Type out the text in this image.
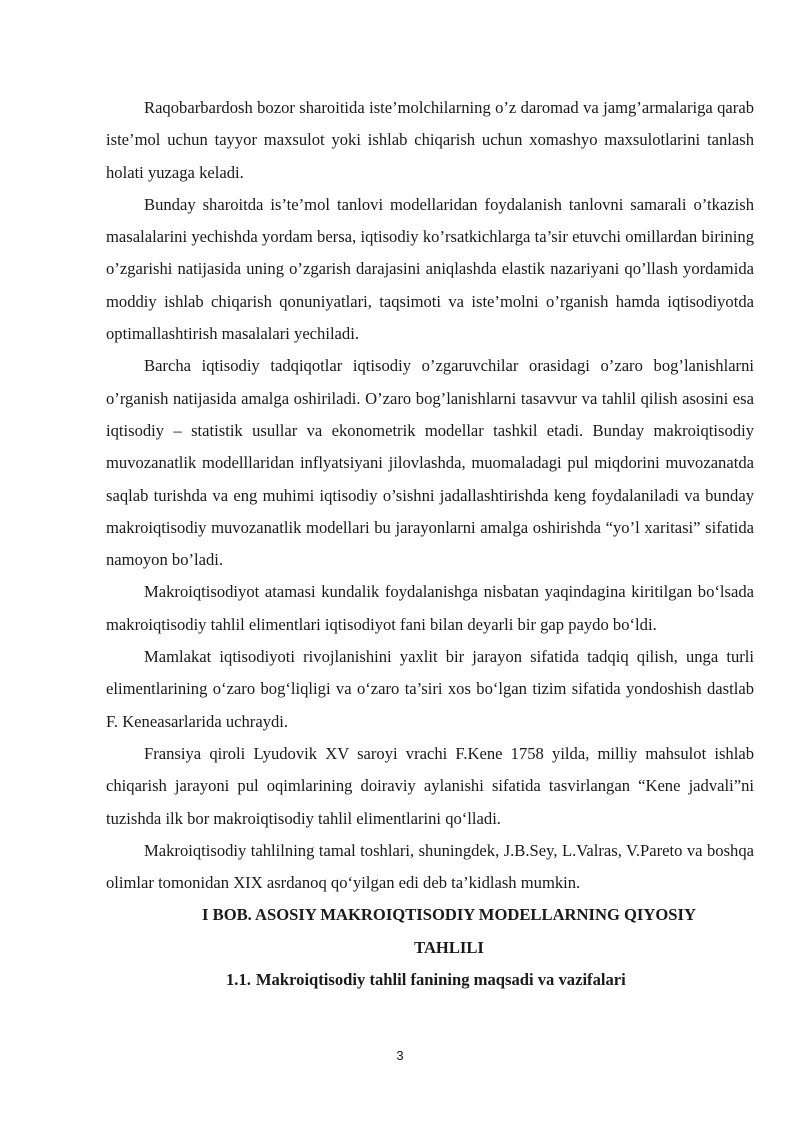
Raqobarbardosh bozor sharoitida iste’molchilarning o’z daromad va jamg’armalariga qarab iste’mol uchun tayyor maxsulot yoki ishlab chiqarish uchun xomashyo maxsulotlarini tanlash holati yuzaga keladi.

Bunday sharoitda is’te’mol tanlovi modellaridan foydalanish tanlovni samarali o’tkazish masalalarini yechishda yordam bersa, iqtisodiy ko’rsatkichlarga ta’sir etuvchi omillardan birining o’zgarishi natijasida uning o’zgarish darajasini aniqlashda elastik nazariyani qo’llash yordamida moddiy ishlab chiqarish qonuniyatlari, taqsimoti va iste’molni o’rganish hamda iqtisodiyotda optimallashtirish masalalari yechiladi.

Barcha iqtisodiy tadqiqotlar iqtisodiy o’zgaruvchilar orasidagi o’zaro bog’lanishlarni o’rganish natijasida amalga oshiriladi. O’zaro bog’lanishlarni tasavvur va tahlil qilish asosini esa iqtisodiy – statistik usullar va ekonometrik modellar tashkil etadi. Bunday makroiqtisodiy muvozanatlik modelllaridan inflyatsiyani jilovlashda, muomaladagi pul miqdorini muvozanatda saqlab turishda va eng muhimi iqtisodiy o’sishni jadallashtirishda keng foydalaniladi va bunday makroiqtisodiy muvozanatlik modellari bu jarayonlarni amalga oshirishda “yo’l xaritasi” sifatida namoyon bo’ladi.

Makroiqtisodiyot atamasi kundalik foydalanishga nisbatan yaqindagina kiritilgan bo‘lsada makroiqtisodiy tahlil elimentlari iqtisodiyot fani bilan deyarli bir gap paydo bo‘ldi.

Mamlakat iqtisodiyoti rivojlanishini yaxlit bir jarayon sifatida tadqiq qilish, unga turli elimentlarining o‘zaro bog‘liqligi va o‘zaro ta’siri xos bo‘lgan tizim sifatida yondoshish dastlab F. Keneasarlarida uchraydi.

Fransiya qiroli Lyudovik XV saroyi vrachi F.Kene 1758 yilda, milliy mahsulot ishlab chiqarish jarayoni pul oqimlarining doiraviy aylanishi sifatida tasvirlangan “Kene jadvali”ni tuzishda ilk bor makroiqtisodiy tahlil elimentlarini qo‘lladi.

Makroiqtisodiy tahlilning tamal toshlari, shuningdek, J.B.Sey, L.Valras, V.Pareto va boshqa olimlar tomonidan XIX asrdanoq qo‘yilgan edi deb ta’kidlash mumkin.

I BOB. ASOSIY MAKROIQTISODIY MODELLARNING QIYOSIY
TAHLILI
1.1. Makroiqtisodiy tahlil fanining maqsadi va vazifalari
3
